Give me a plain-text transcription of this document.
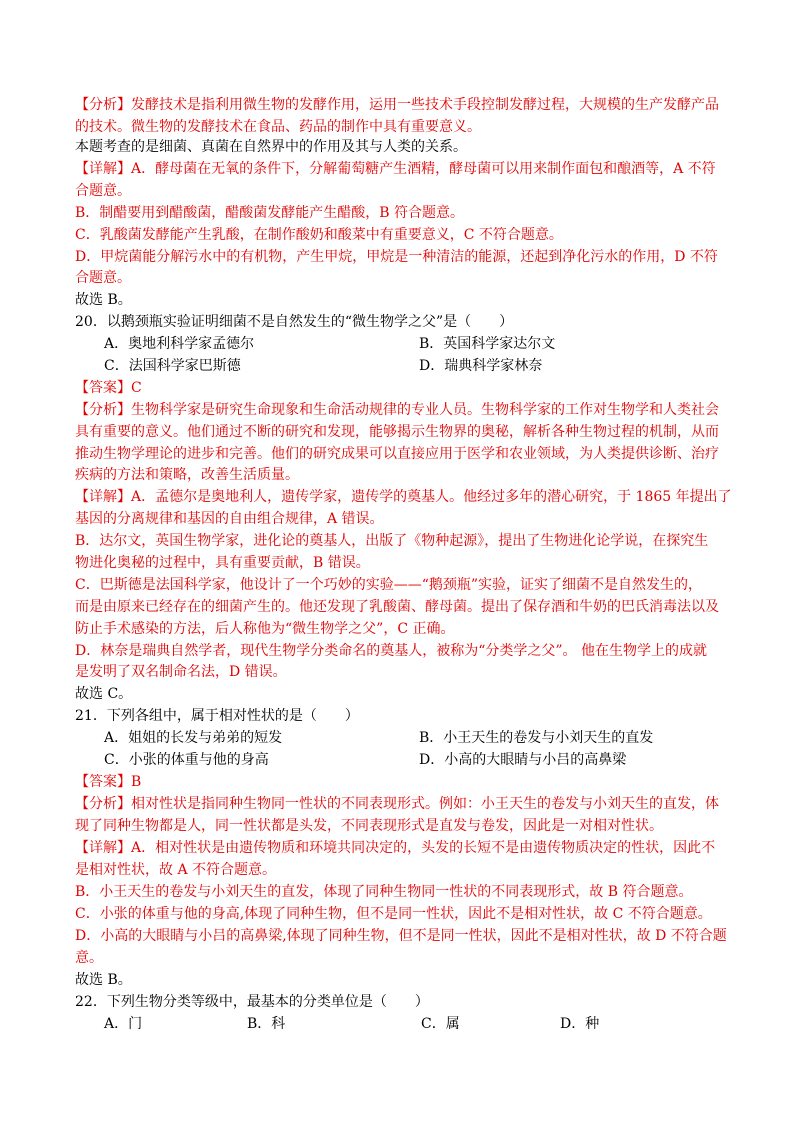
【分析】发酵技术是指利用微生物的发酵作用，运用一些技术手段控制发酵过程，大规模的生产发酵产品
的技术。微生物的发酵技术在食品、药品的制作中具有重要意义。
本题考查的是细菌、真菌在自然界中的作用及其与人类的关系。
【详解】A．酵母菌在无氧的条件下，分解葡萄糖产生酒精，酵母菌可以用来制作面包和酿酒等，A 不符
合题意。
B．制醋要用到醋酸菌，醋酸菌发酵能产生醋酸，B 符合题意。
C．乳酸菌发酵能产生乳酸，在制作酸奶和酸菜中有重要意义，C 不符合题意。
D．甲烷菌能分解污水中的有机物，产生甲烷，甲烷是一种清洁的能源，还起到净化污水的作用，D 不符
合题意。
故选 B。
20．以鹅颈瓶实验证明细菌不是自然发生的“微生物学之父”是（　　）
A．奥地利科学家孟德尔	B．英国科学家达尔文
C．法国科学家巴斯德	D．瑞典科学家林奈
【答案】C
【分析】生物科学家是研究生命现象和生命活动规律的专业人员。生物科学家的工作对生物学和人类社会
具有重要的意义。他们通过不断的研究和发现，能够揭示生物界的奥秘，解析各种生物过程的机制，从而
推动生物学理论的进步和完善。他们的研究成果可以直接应用于医学和农业领域，为人类提供诊断、治疗
疾病的方法和策略，改善生活质量。
【详解】A．孟德尔是奥地利人，遗传学家，遗传学的奠基人。他经过多年的潜心研究，于 1865 年提出了
基因的分离规律和基因的自由组合规律，A 错误。
B．达尔文，英国生物学家，进化论的奠基人，出版了《物种起源》，提出了生物进化论学说，在探究生
物进化奥秘的过程中，具有重要贡献，B 错误。
C．巴斯德是法国科学家，他设计了一个巧妙的实验——“鹅颈瓶”实验，证实了细菌不是自然发生的，
而是由原来已经存在的细菌产生的。他还发现了乳酸菌、酵母菌。提出了保存酒和牛奶的巴氏消毒法以及
防止手术感染的方法，后人称他为“微生物学之父”，C 正确。
D．林奈是瑞典自然学者，现代生物学分类命名的奠基人，被称为“分类学之父”。 他在生物学上的成就
是发明了双名制命名法，D 错误。
故选 C。
21．下列各组中，属于相对性状的是（　　）
A．姐姐的长发与弟弟的短发	B．小王天生的卷发与小刘天生的直发
C．小张的体重与他的身高	D．小高的大眼睛与小吕的高鼻梁
【答案】B
【分析】相对性状是指同种生物同一性状的不同表现形式。例如：小王天生的卷发与小刘天生的直发，体
现了同种生物都是人，同一性状都是头发，不同表现形式是直发与卷发，因此是一对相对性状。
【详解】A．相对性状是由遗传物质和环境共同决定的，头发的长短不是由遗传物质决定的性状，因此不
是相对性状，故 A 不符合题意。
B．小王天生的卷发与小刘天生的直发，体现了同种生物同一性状的不同表现形式，故 B 符合题意。
C．小张的体重与他的身高,体现了同种生物，但不是同一性状，因此不是相对性状，故 C 不符合题意。
D．小高的大眼睛与小吕的高鼻梁,体现了同种生物，但不是同一性状，因此不是相对性状，故 D 不符合题
意。
故选 B。
22．下列生物分类等级中，最基本的分类单位是（　　）
A．门	B．科	C．属	D．种
